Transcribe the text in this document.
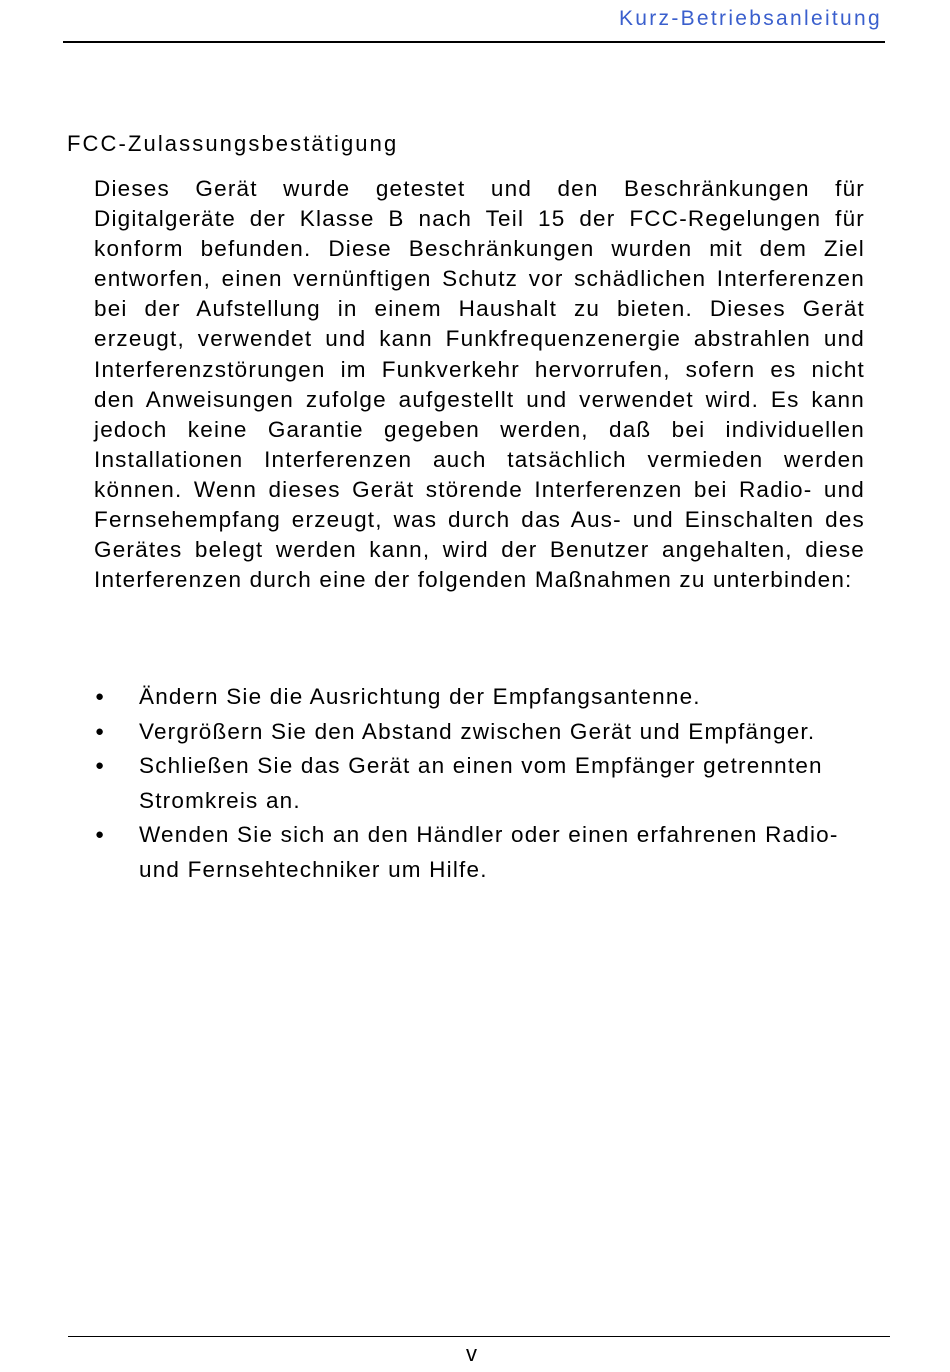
Kurz-Betriebsanleitung
FCC-Zulassungsbestätigung

Dieses Gerät wurde getestet und den Beschränkungen für Digitalgeräte der Klasse B nach Teil 15 der FCC-Regelungen für konform befunden. Diese Beschränkungen wurden mit dem Ziel entworfen, einen vernünftigen Schutz vor schädlichen Interferenzen bei der Aufstellung in einem Haushalt zu bieten. Dieses Gerät erzeugt, verwendet und kann Funkfrequenzenergie abstrahlen und Interferenzstörungen im Funkverkehr hervorrufen, sofern es nicht den Anweisungen zufolge aufgestellt und verwendet wird. Es kann jedoch keine Garantie gegeben werden, daß bei individuellen Installationen Interferenzen auch tatsächlich vermieden werden können. Wenn dieses Gerät störende Interferenzen bei Radio- und Fernsehempfang erzeugt, was durch das Aus- und Einschalten des Gerätes belegt werden kann, wird der Benutzer angehalten, diese Interferenzen durch eine der folgenden Maßnahmen zu unterbinden:

● Ändern Sie die Ausrichtung der Empfangsantenne.
● Vergrößern Sie den Abstand zwischen Gerät und Empfänger.
● Schließen Sie das Gerät an einen vom Empfänger getrennten Stromkreis an.
● Wenden Sie sich an den Händler oder einen erfahrenen Radio- und Fernsehtechniker um Hilfe.
v
